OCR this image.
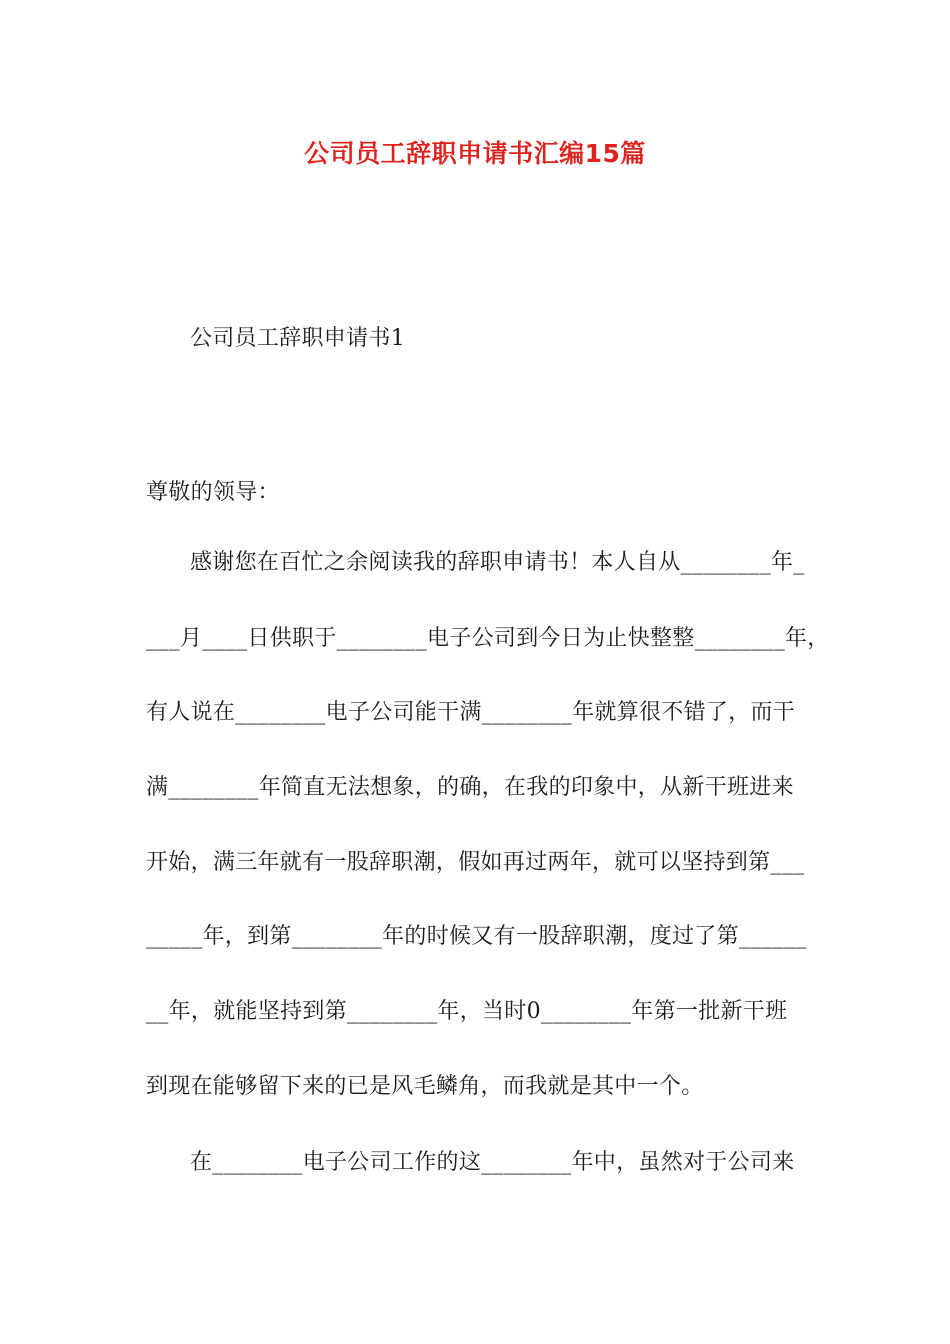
公司员工辞职申请书汇编15篇
公司员工辞职申请书1
尊敬的领导：
感谢您在百忙之余阅读我的辞职申请书！本人自从________年_
___月____日供职于________电子公司到今日为止快整整________年，
有人说在________电子公司能干满________年就算很不错了，而干
满________年简直无法想象，的确，在我的印象中，从新干班进来
开始，满三年就有一股辞职潮，假如再过两年，就可以坚持到第___
_____年，到第________年的时候又有一股辞职潮，度过了第______
__年，就能坚持到第________年，当时0________年第一批新干班
到现在能够留下来的已是风毛鳞角，而我就是其中一个。
在________电子公司工作的这________年中，虽然对于公司来
